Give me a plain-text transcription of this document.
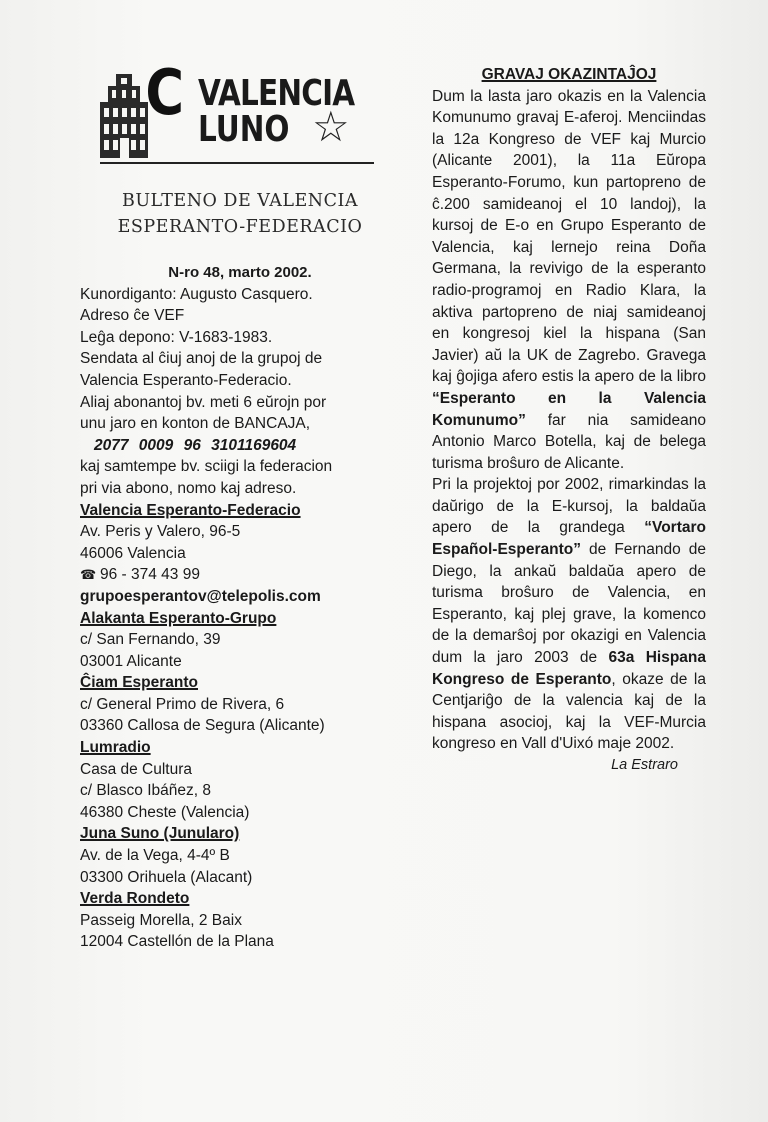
C VALENCIA
LUNO ☆
BULTENO DE VALENCIA
ESPERANTO-FEDERACIO
N-ro 48, marto 2002.
Kunordiganto: Augusto Casquero.
Adreso ĉe VEF
Leĝa depono: V-1683-1983.
Sendata al ĉiuj anoj de la grupoj de
Valencia Esperanto-Federacio.
Aliaj abonantoj bv. meti 6 eŭrojn por
unu jaro en konton de BANCAJA,
2077 0009 96 3101169604
kaj samtempe bv. sciigi la federacion
pri via abono, nomo kaj adreso.
Valencia Esperanto-Federacio
Av. Peris y Valero, 96-5
46006 Valencia
☎ 96 - 374 43 99
grupoesperantov@telepolis.com
Alakanta Esperanto-Grupo
c/ San Fernando, 39
03001 Alicante
Ĉiam Esperanto
c/ General Primo de Rivera, 6
03360 Callosa de Segura (Alicante)
Lumradio
Casa de Cultura
c/ Blasco Ibáñez, 8
46380 Cheste (Valencia)
Juna Suno (Junularo)
Av. de la Vega, 4-4º B
03300 Orihuela (Alacant)
Verda Rondeto
Passeig Morella, 2 Baix
12004 Castellón de la Plana
GRAVAJ OKAZINTAĴOJ

Dum la lasta jaro okazis en la Valencia Komunumo gravaj E-aferoj. Menciindas la 12a Kongreso de VEF kaj Murcio (Alicante 2001), la 11a Eŭropa Esperanto-Forumo, kun partopreno de ĉ.200 samideanoj el 10 landoj), la kursoj de E-o en Grupo Esperanto de Valencia, kaj lernejo reina Doña Germana, la revivigo de la esperanto radio-programoj en Radio Klara, la aktiva partopreno de niaj samideanoj en kongresoj kiel la hispana (San Javier) aŭ la UK de Zagrebo. Gravega kaj ĝojiga afero estis la apero de la libro “Esperanto en la Valencia Komunumo” far nia samideano Antonio Marco Botella, kaj de belega turisma broŝuro de Alicante.

Pri la projektoj por 2002, rimarkindas la daŭrigo de la E-kursoj, la baldaŭa apero de la grandega “Vortaro Español-Esperanto” de Fernando de Diego, la ankaŭ baldaŭa apero de turisma broŝuro de Valencia, en Esperanto, kaj plej grave, la komenco de la demarŝoj por okazigi en Valencia dum la jaro 2003 de 63a Hispana Kongreso de Esperanto, okaze de la Centjariĝo de la valencia kaj de la hispana asocioj, kaj la VEF-Murcia kongreso en Vall d'Uixó maje 2002.

La Estraro
